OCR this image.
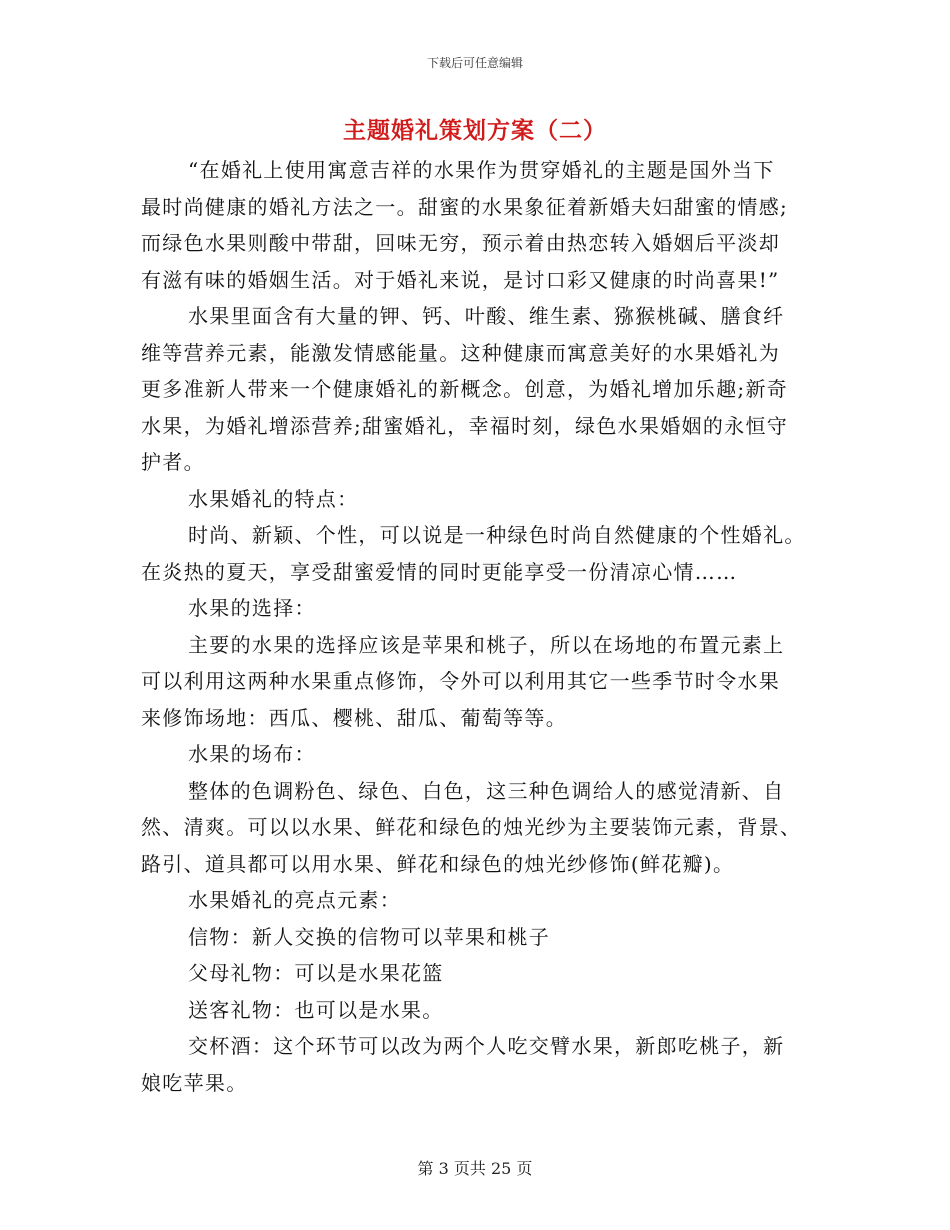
下载后可任意编辑
主题婚礼策划方案（二）
“在婚礼上使用寓意吉祥的水果作为贯穿婚礼的主题是国外当下
最时尚健康的婚礼方法之一。甜蜜的水果象征着新婚夫妇甜蜜的情感;
而绿色水果则酸中带甜，回味无穷，预示着由热恋转入婚姻后平淡却
有滋有味的婚姻生活。对于婚礼来说，是讨口彩又健康的时尚喜果!”
水果里面含有大量的钾、钙、叶酸、维生素、猕猴桃碱、膳食纤
维等营养元素，能激发情感能量。这种健康而寓意美好的水果婚礼为
更多准新人带来一个健康婚礼的新概念。创意，为婚礼增加乐趣;新奇
水果，为婚礼增添营养;甜蜜婚礼，幸福时刻，绿色水果婚姻的永恒守
护者。
水果婚礼的特点：
时尚、新颖、个性，可以说是一种绿色时尚自然健康的个性婚礼。
在炎热的夏天，享受甜蜜爱情的同时更能享受一份清凉心情……
水果的选择：
主要的水果的选择应该是苹果和桃子，所以在场地的布置元素上
可以利用这两种水果重点修饰，令外可以利用其它一些季节时令水果
来修饰场地：西瓜、樱桃、甜瓜、葡萄等等。
水果的场布：
整体的色调粉色、绿色、白色，这三种色调给人的感觉清新、自
然、清爽。可以以水果、鲜花和绿色的烛光纱为主要装饰元素，背景、
路引、道具都可以用水果、鲜花和绿色的烛光纱修饰(鲜花瓣)。
水果婚礼的亮点元素：
信物：新人交换的信物可以苹果和桃子
父母礼物：可以是水果花篮
送客礼物：也可以是水果。
交杯酒：这个环节可以改为两个人吃交臂水果，新郎吃桃子，新
娘吃苹果。
第 3 页共 25 页
